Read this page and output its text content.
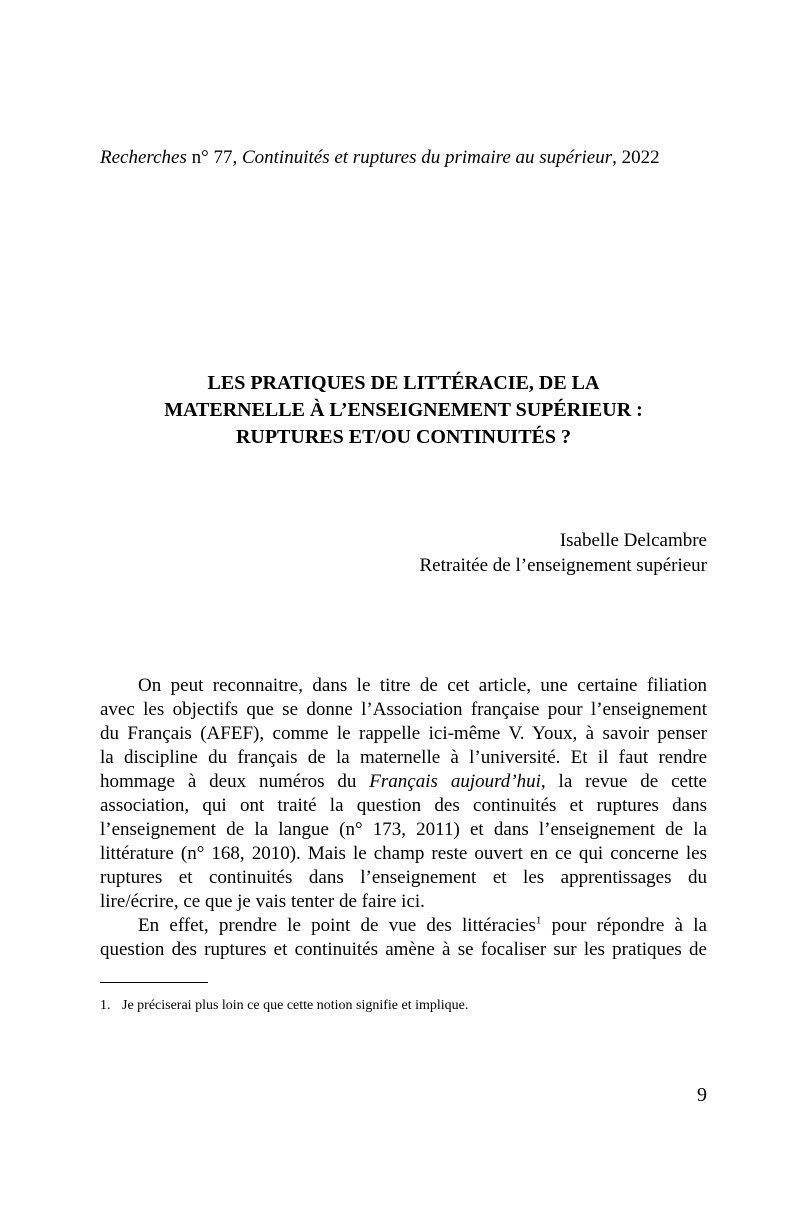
Recherches n° 77, Continuités et ruptures du primaire au supérieur, 2022
LES PRATIQUES DE LITTÉRACIE, DE LA
MATERNELLE À L’ENSEIGNEMENT SUPÉRIEUR :
RUPTURES ET/OU CONTINUITÉS ?
Isabelle Delcambre
Retraitée de l’enseignement supérieur
On peut reconnaitre, dans le titre de cet article, une certaine filiation
avec les objectifs que se donne l’Association française pour l’enseignement
du Français (AFEF), comme le rappelle ici-même V. Youx, à savoir penser
la discipline du français de la maternelle à l’université. Et il faut rendre
hommage à deux numéros du Français aujourd’hui, la revue de cette
association, qui ont traité la question des continuités et ruptures dans
l’enseignement de la langue (n° 173, 2011) et dans l’enseignement de la
littérature (n° 168, 2010). Mais le champ reste ouvert en ce qui concerne les
ruptures et continuités dans l’enseignement et les apprentissages du
lire/écrire, ce que je vais tenter de faire ici.
En effet, prendre le point de vue des littéracies$^1$ pour répondre à la
question des ruptures et continuités amène à se focaliser sur les pratiques de
1. Je préciserai plus loin ce que cette notion signifie et implique.
9
